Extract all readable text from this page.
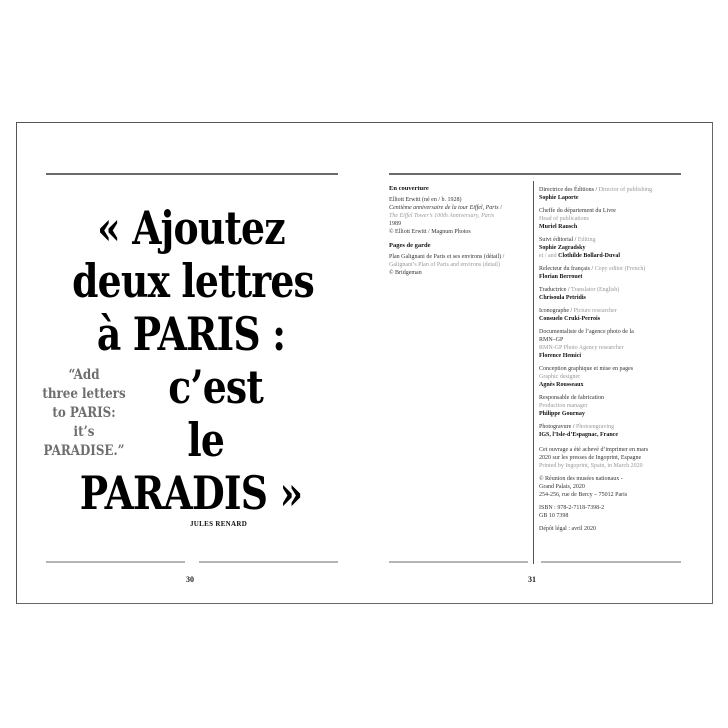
« Ajoutez
deux lettres
à PARIS :
c’est
le
PARADIS »
“Add
three letters
to PARIS:
it’s
PARADISE.”
JULES RENARD
30
En couverture
Elliott Erwitt (né en / b. 1928)
Centième anniversaire de la tour Eiffel, Paris /
The Eiffel Tower’s 100th Anniversary, Paris
1989
© Elliott Erwitt / Magnum Photos
Pages de garde
Plan Galignani de Paris et ses environs (détail) /
Galignani’s Plan of Paris and environs (detail)
© Bridgeman
Directrice des Éditions / Director of publishing
Sophie Laporte
Cheffe du département du Livre
Head of publications
Muriel Rausch
Suivi éditorial / Editing
Sophie Zagradsky
et / and Clothilde Bollard-Duval
Relecteur du français / Copy editor (French)
Florian Berrouet
Traductrice / Translator (English)
Chrisoula Petridis
Iconographe / Picture researcher
Consuelo Cruki-Perrois
Documentaliste de l’agence photo de la RMN–GP
RMN-GP Photo Agency researcher
Florence Hemici
Conception graphique et mise en pages
Graphic designer
Agnès Rousseaux
Responsable de fabrication
Production manager
Philippe Gournay
Photogravure / Photoengraving
IGS, l’Isle-d’Espagnac, France
Cet ouvrage a été achevé d’imprimer en mars
2020 sur les presses de Ingoprint, Espagne
Printed by Ingoprint, Spain, in March 2020
© Réunion des musées nationaux -
Grand Palais, 2020
254-256, rue de Bercy – 75012 Paris
ISBN : 978-2-7118-7398-2
GB 10 7398
Dépôt légal : avril 2020
31
